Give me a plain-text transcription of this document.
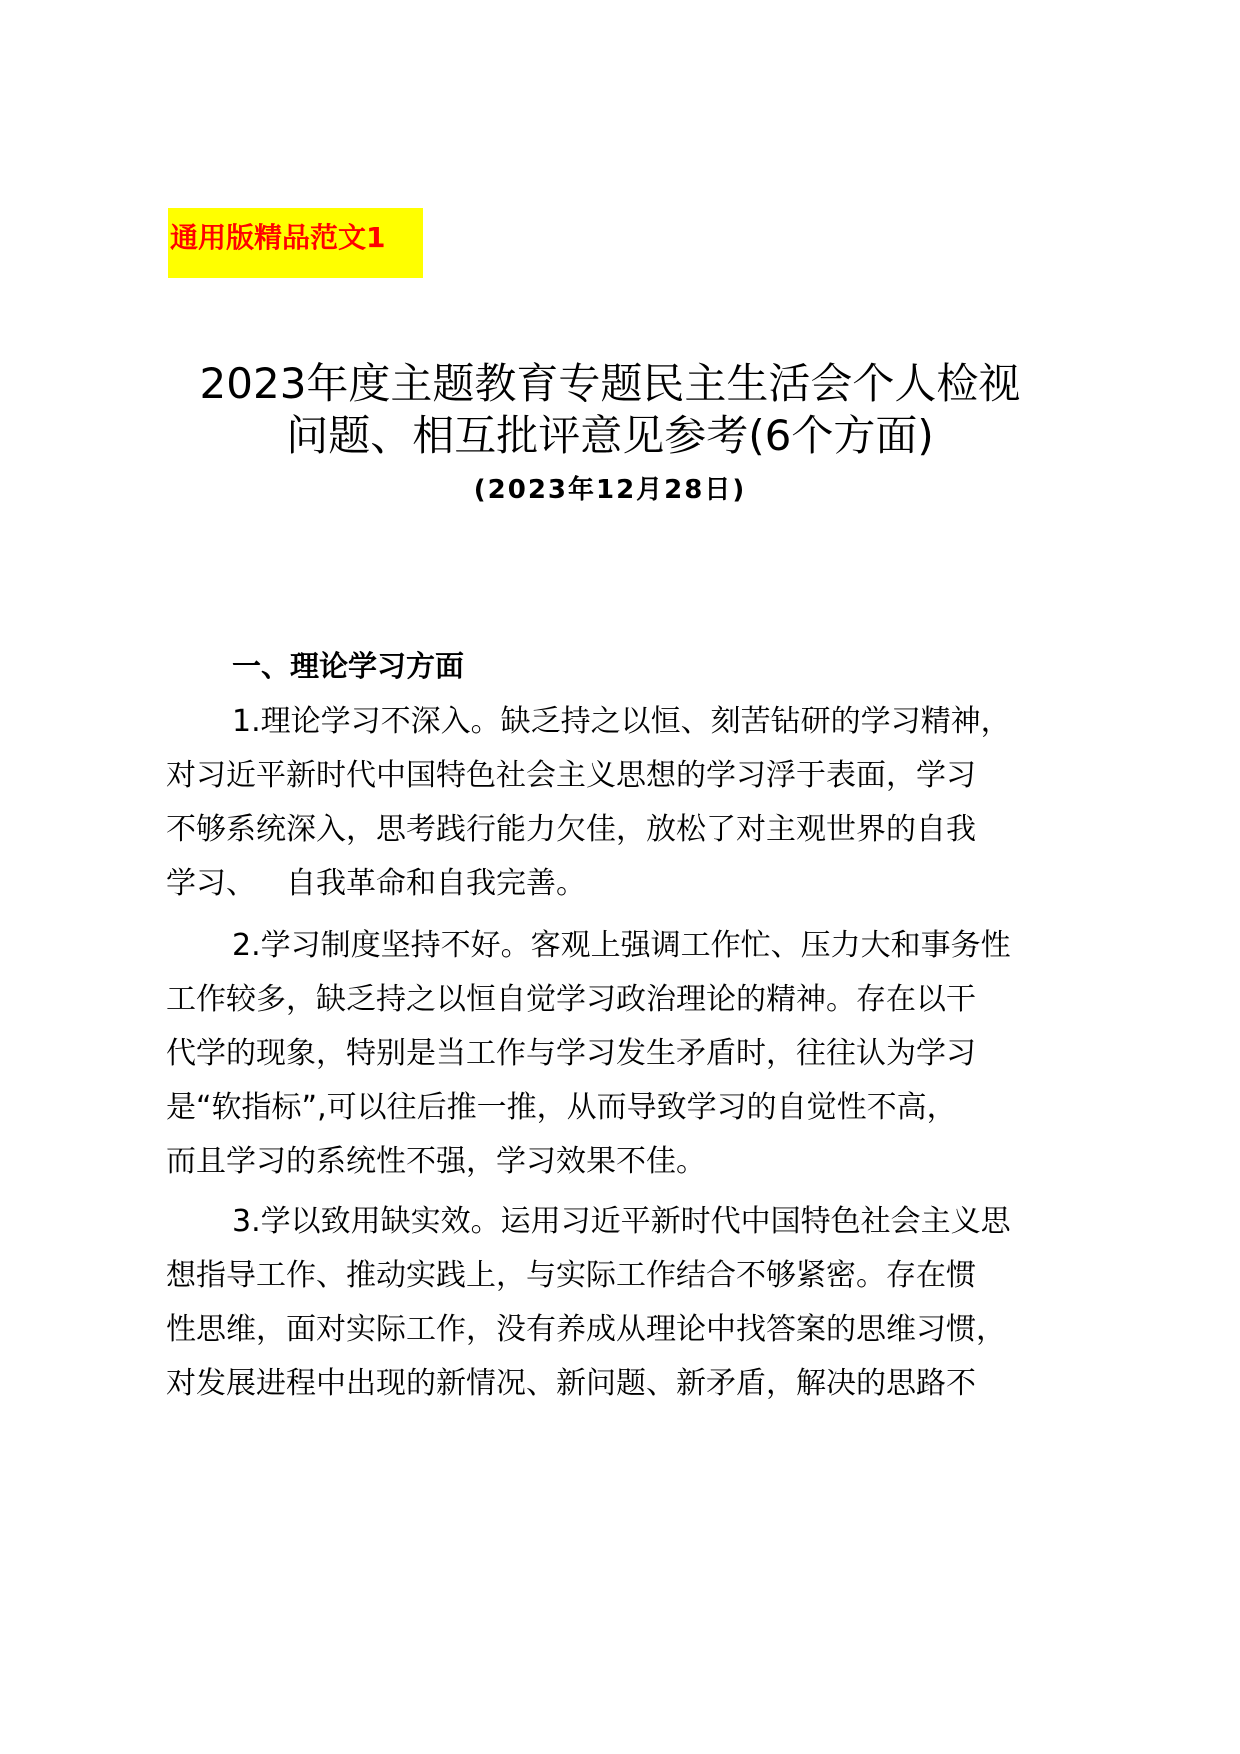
通用版精品范文1
2023年度主题教育专题民主生活会个人检视
问题、相互批评意见参考(6个方面)
(2023年12月28日)
一、理论学习方面
1.理论学习不深入。缺乏持之以恒、刻苦钻研的学习精神，
对习近平新时代中国特色社会主义思想的学习浮于表面，学习
不够系统深入，思考践行能力欠佳，放松了对主观世界的自我
学习、 自我革命和自我完善。
2.学习制度坚持不好。客观上强调工作忙、压力大和事务性
工作较多，缺乏持之以恒自觉学习政治理论的精神。存在以干
代学的现象，特别是当工作与学习发生矛盾时，往往认为学习
是“软指标”,可以往后推一推，从而导致学习的自觉性不高，
而且学习的系统性不强，学习效果不佳。
3.学以致用缺实效。运用习近平新时代中国特色社会主义思
想指导工作、推动实践上，与实际工作结合不够紧密。存在惯
性思维，面对实际工作，没有养成从理论中找答案的思维习惯，
对发展进程中出现的新情况、新问题、新矛盾，解决的思路不
